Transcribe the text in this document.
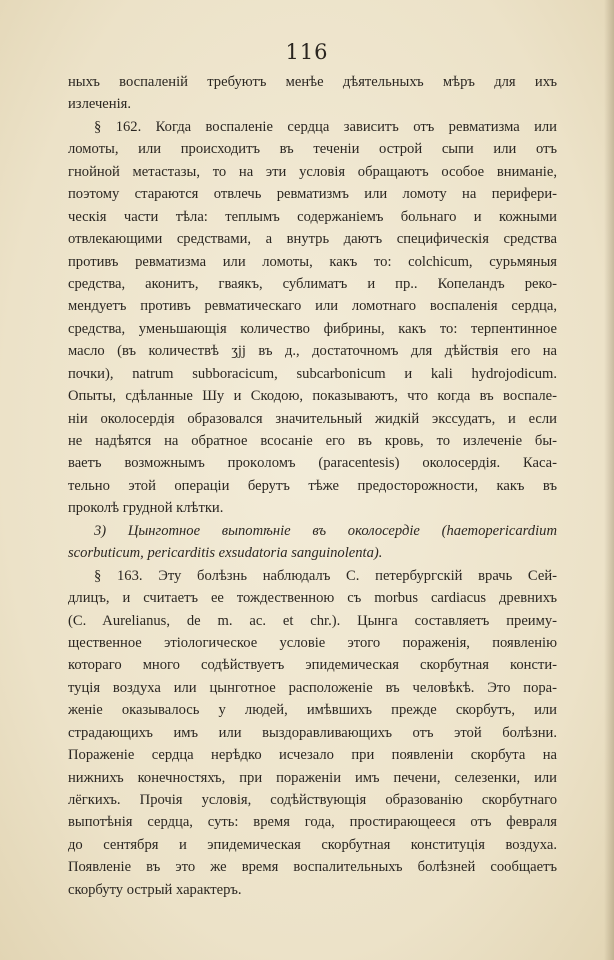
116
ныхъ воспаленій требуютъ менѣе дѣятельныхъ мѣръ для ихъ
излеченія.
§ 162. Когда воспаленіе сердца зависитъ отъ ревматизма или
ломоты, или происходитъ въ теченіи острой сыпи или отъ
гнойной метастазы, то на эти условія обращаютъ особое вниманіе,
поэтому стараются отвлечь ревматизмъ или ломоту на перифери-
ческія части тѣла: теплымъ содержаніемъ больнаго и кожными
отвлекающими средствами, а внутрь даютъ специфическія средства
противъ ревматизма или ломоты, какъ то: colchicum, сурьмяныя
средства, аконитъ, гваякъ, сублиматъ и пр.. Копеландъ реко-
мендуетъ противъ ревматическаго или ломотнаго воспаленія сердца,
средства, уменьшающія количество фибрины, какъ то: терпентинное
масло (въ количествѣ ʒjj въ д., достаточномъ для дѣйствія его на
почки), natrum subboracicum, subcarbonicum и kali hydrojodicum.
Опыты, сдѣланные Шу и Скодою, показываютъ, что когда въ воспале-
ніи околосердія образовался значительный жидкій экссудатъ, и если
не надѣятся на обратное всосаніе его въ кровь, то излеченіе бы-
ваетъ возможнымъ прокoломъ (paracentesis) околосердія. Каса-
тельно этой операціи берутъ тѣже предосторожности, какъ въ
проколѣ грудной клѣтки.
3) Цынготное выпотѣніе въ околосердіе (haemopericardium
scorbuticum, pericarditis exsudatoria sanguinolenta).
§ 163. Эту болѣзнь наблюдалъ С. петербургскій врачь Сей-
длицъ, и считаетъ ее тождественною съ morbus cardiacus древнихъ
(C. Aurelianus, de m. ac. et chr.). Цынга составляетъ преиму-
щественное этіологическое условіе этого пораженія, появленію
котораго много содѣйствуетъ эпидемическая скорбутная консти-
туція воздуха или цынготное расположеніе въ человѣкѣ. Это пора-
женіе оказывалось у людей, имѣвшихъ прежде скорбутъ, или
страдающихъ имъ или выздоравливающихъ отъ этой болѣзни.
Пораженіе сердца нерѣдко исчезало при появленіи скорбута на
нижнихъ конечностяхъ, при пораженіи имъ печени, селезенки, или
лёгкихъ. Прочія условія, содѣйствующія образованію скорбутнаго
выпотѣнія сердца, суть: время года, простирающееся отъ февраля
до сентября и эпидемическая скорбутная конституція воздуха.
Появленіе въ это же время воспалительныхъ болѣзней сообщаетъ
скорбуту острый характеръ.
